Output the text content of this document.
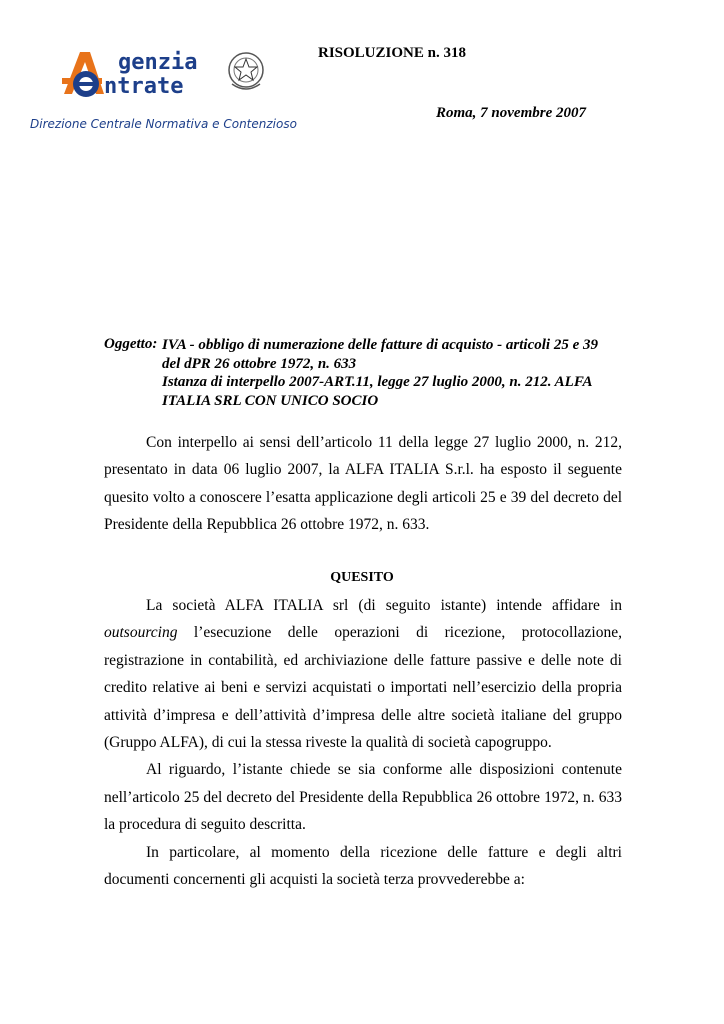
genzia
ntrate
Direzione Centrale Normativa e Contenzioso
RISOLUZIONE n. 318
Roma, 7 novembre 2007
Oggetto: IVA - obbligo di numerazione delle fatture di acquisto - articoli 25 e 39
del dPR 26 ottobre 1972, n. 633
Istanza di interpello 2007-ART.11, legge 27 luglio 2000, n. 212. ALFA
ITALIA SRL CON UNICO SOCIO

Con interpello ai sensi dell’articolo 11 della legge 27 luglio 2000, n. 212, presentato in data 06 luglio 2007, la ALFA ITALIA S.r.l. ha esposto il seguente quesito volto a conoscere l’esatta applicazione degli articoli 25 e 39 del decreto del Presidente della Repubblica 26 ottobre 1972, n. 633.

QUESITO

La società ALFA ITALIA srl (di seguito istante) intende affidare in outsourcing l’esecuzione delle operazioni di ricezione, protocollazione, registrazione in contabilità, ed archiviazione delle fatture passive e delle note di credito relative ai beni e servizi acquistati o importati nell’esercizio della propria attività d’impresa e dell’attività d’impresa delle altre società italiane del gruppo (Gruppo ALFA), di cui la stessa riveste la qualità di società capogruppo.

Al riguardo, l’istante chiede se sia conforme alle disposizioni contenute nell’articolo 25 del decreto del Presidente della Repubblica 26 ottobre 1972, n. 633 la procedura di seguito descritta.

In particolare, al momento della ricezione delle fatture e degli altri documenti concernenti gli acquisti la società terza provvederebbe a:
